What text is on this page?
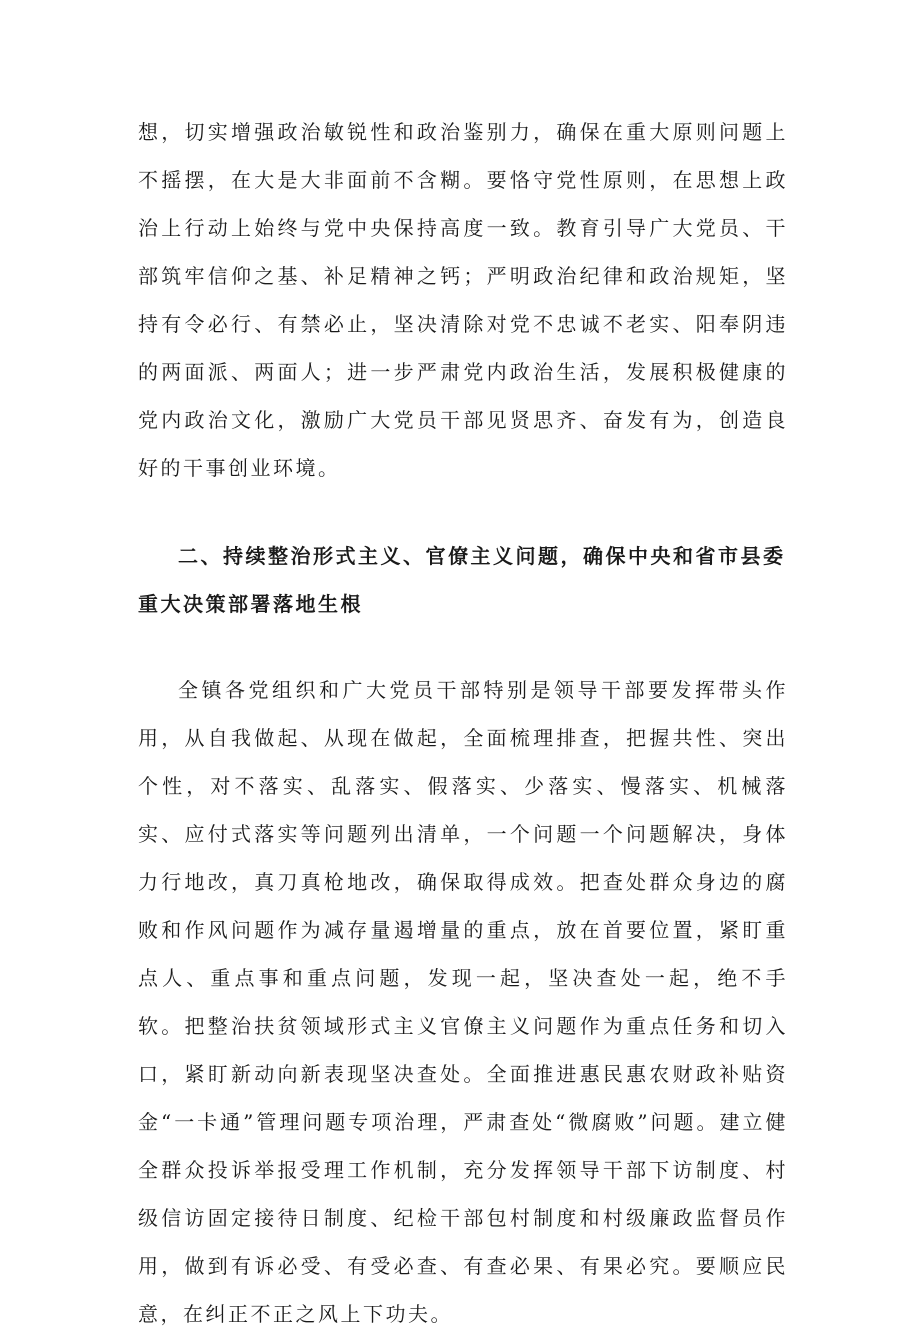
想，切实增强政治敏锐性和政治鉴别力，确保在重大原则问题上不摇摆，在大是大非面前不含糊。要恪守党性原则，在思想上政治上行动上始终与党中央保持高度一致。教育引导广大党员、干部筑牢信仰之基、补足精神之钙；严明政治纪律和政治规矩，坚持有令必行、有禁必止，坚决清除对党不忠诚不老实、阳奉阴违的两面派、两面人；进一步严肃党内政治生活，发展积极健康的党内政治文化，激励广大党员干部见贤思齐、奋发有为，创造良好的干事创业环境。

二、持续整治形式主义、官僚主义问题，确保中央和省市县委重大决策部署落地生根

全镇各党组织和广大党员干部特别是领导干部要发挥带头作用，从自我做起、从现在做起，全面梳理排查，把握共性、突出个性，对不落实、乱落实、假落实、少落实、慢落实、机械落实、应付式落实等问题列出清单，一个问题一个问题解决，身体力行地改，真刀真枪地改，确保取得成效。把查处群众身边的腐败和作风问题作为减存量遏增量的重点，放在首要位置，紧盯重点人、重点事和重点问题，发现一起，坚决查处一起，绝不手软。把整治扶贫领域形式主义官僚主义问题作为重点任务和切入口，紧盯新动向新表现坚决查处。全面推进惠民惠农财政补贴资金“一卡通”管理问题专项治理，严肃查处“微腐败”问题。建立健全群众投诉举报受理工作机制，充分发挥领导干部下访制度、村级信访固定接待日制度、纪检干部包村制度和村级廉政监督员作用，做到有诉必受、有受必查、有查必果、有果必究。要顺应民意，在纠正不正之风上下功夫。
